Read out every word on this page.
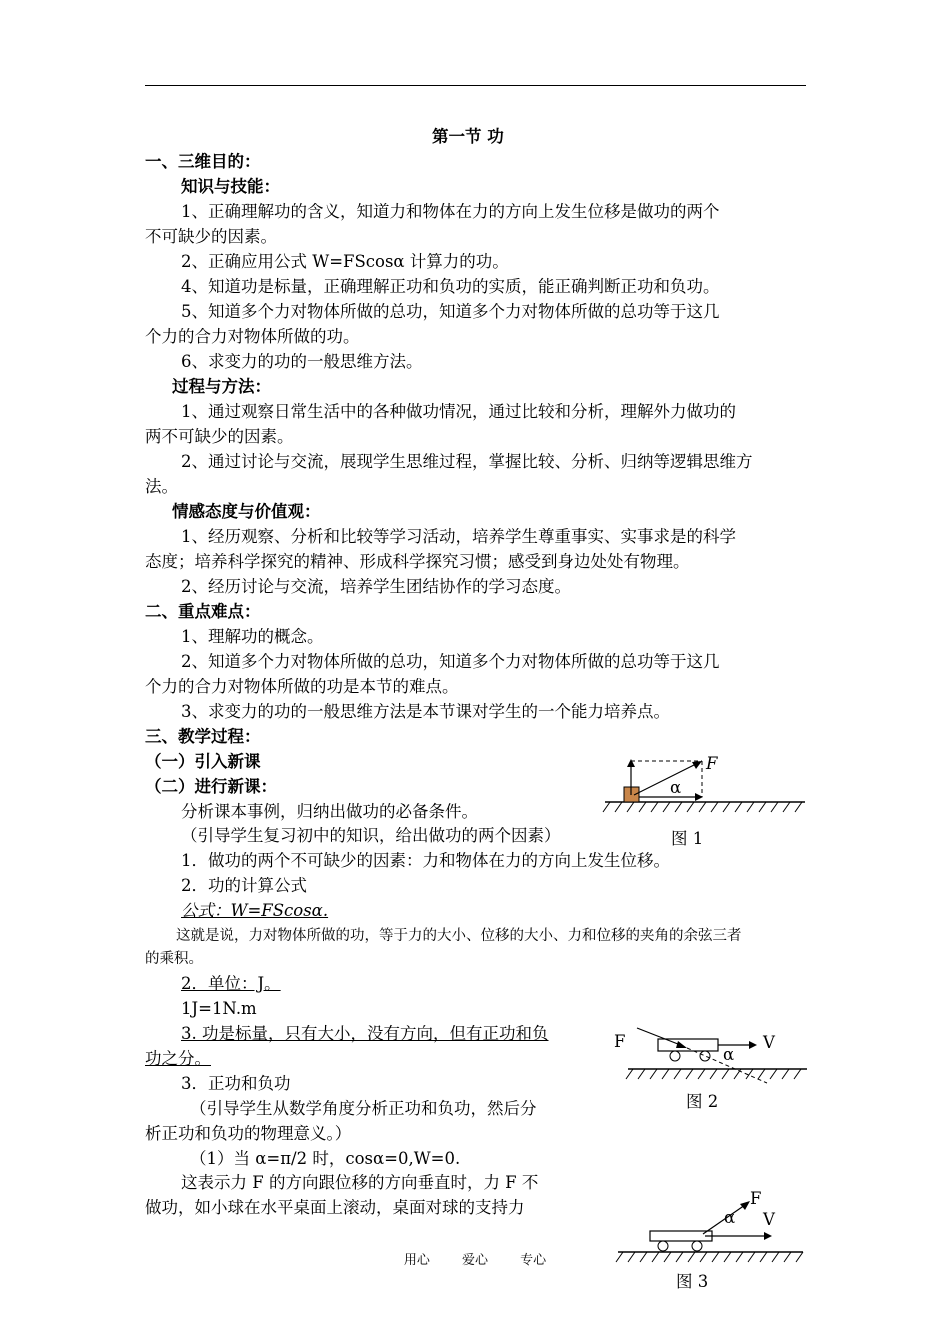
第一节 功
一、三维目的：
知识与技能：
1、正确理解功的含义，知道力和物体在力的方向上发生位移是做功的两个
不可缺少的因素。
2、正确应用公式 W=FScosα 计算力的功。
4、知道功是标量，正确理解正功和负功的实质，能正确判断正功和负功。
5、知道多个力对物体所做的总功，知道多个力对物体所做的总功等于这几
个力的合力对物体所做的功。
6、求变力的功的一般思维方法。
过程与方法：
1、通过观察日常生活中的各种做功情况，通过比较和分析，理解外力做功的
两不可缺少的因素。
2、通过讨论与交流，展现学生思维过程，掌握比较、分析、归纳等逻辑思维方
法。
情感态度与价值观：
1、经历观察、分析和比较等学习活动，培养学生尊重事实、实事求是的科学
态度；培养科学探究的精神、形成科学探究习惯；感受到身边处处有物理。
2、经历讨论与交流，培养学生团结协作的学习态度。
二、重点难点：
1、理解功的概念。
2、知道多个力对物体所做的总功，知道多个力对物体所做的总功等于这几
个力的合力对物体所做的功是本节的难点。
3、求变力的功的一般思维方法是本节课对学生的一个能力培养点。
三、教学过程：
（一）引入新课
（二）进行新课：
分析课本事例，归纳出做功的必备条件。
（引导学生复习初中的知识，给出做功的两个因素）
1．做功的两个不可缺少的因素：力和物体在力的方向上发生位移。
2．功的计算公式
公式：W=FScosα.
这就是说，力对物体所做的功，等于力的大小、位移的大小、力和位移的夹角的余弦三者
的乘积。
2．单位：J。
1J=1N.m
3. 功是标量，只有大小，没有方向，但有正功和负
功之分。
3．正功和负功
（引导学生从数学角度分析正功和负功，然后分
析正功和负功的物理意义。）
（1）当 α=π/2 时，cosα=0,W=0.
这表示力 F 的方向跟位移的方向垂直时，力 F 不
做功，如小球在水平桌面上滚动，桌面对球的支持力
F
α
图 1
F	V
α
图 2
F
α V
图 3
用心 爱心 专心
